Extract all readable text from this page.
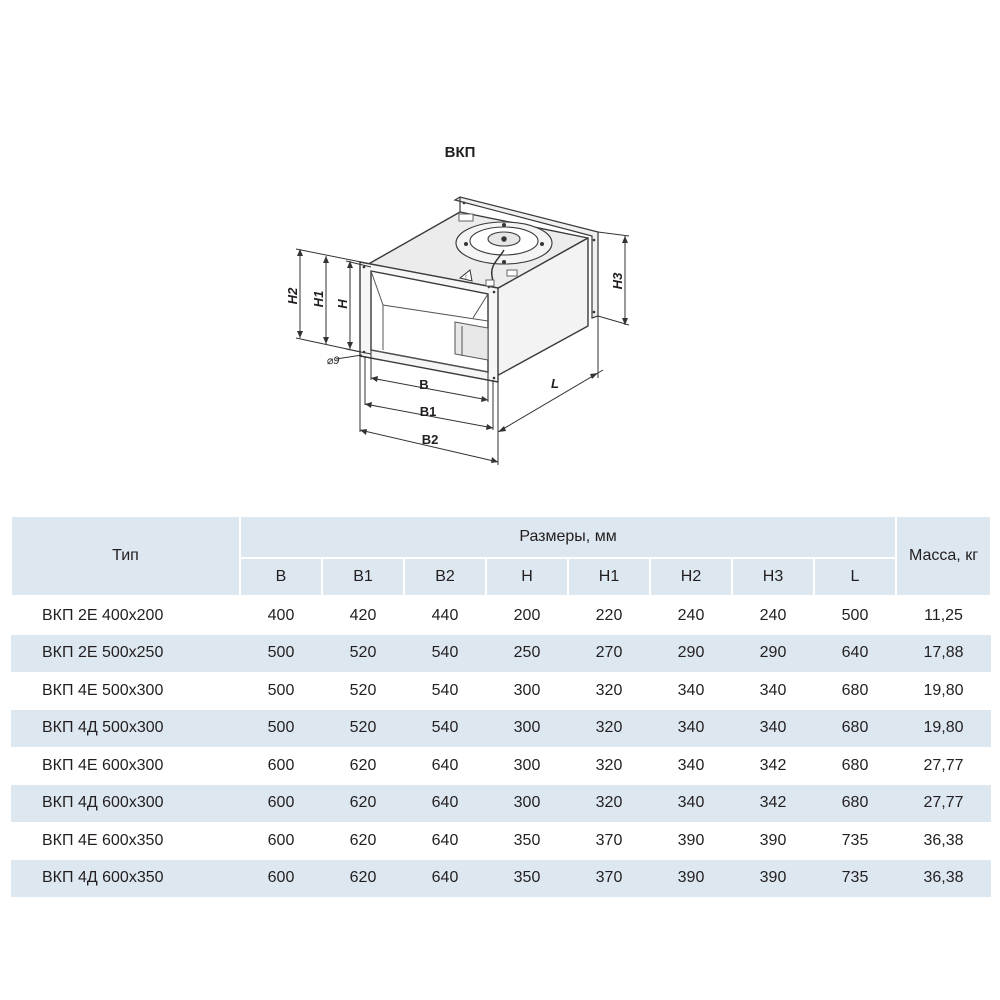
ВКП
!
H2 H1 H
H3
B
B1
B2
L
⌀9
Тип	Размеры, мм								Масса, кг
	B	B1	B2	H	H1	H2	H3	L	
ВКП 2Е 400x200	400	420	440	200	220	240	240	500	11,25
ВКП 2Е 500x250	500	520	540	250	270	290	290	640	17,88
ВКП 4Е 500x300	500	520	540	300	320	340	340	680	19,80
ВКП 4Д 500x300	500	520	540	300	320	340	340	680	19,80
ВКП 4Е 600x300	600	620	640	300	320	340	342	680	27,77
ВКП 4Д 600x300	600	620	640	300	320	340	342	680	27,77
ВКП 4Е 600x350	600	620	640	350	370	390	390	735	36,38
ВКП 4Д 600x350	600	620	640	350	370	390	390	735	36,38
